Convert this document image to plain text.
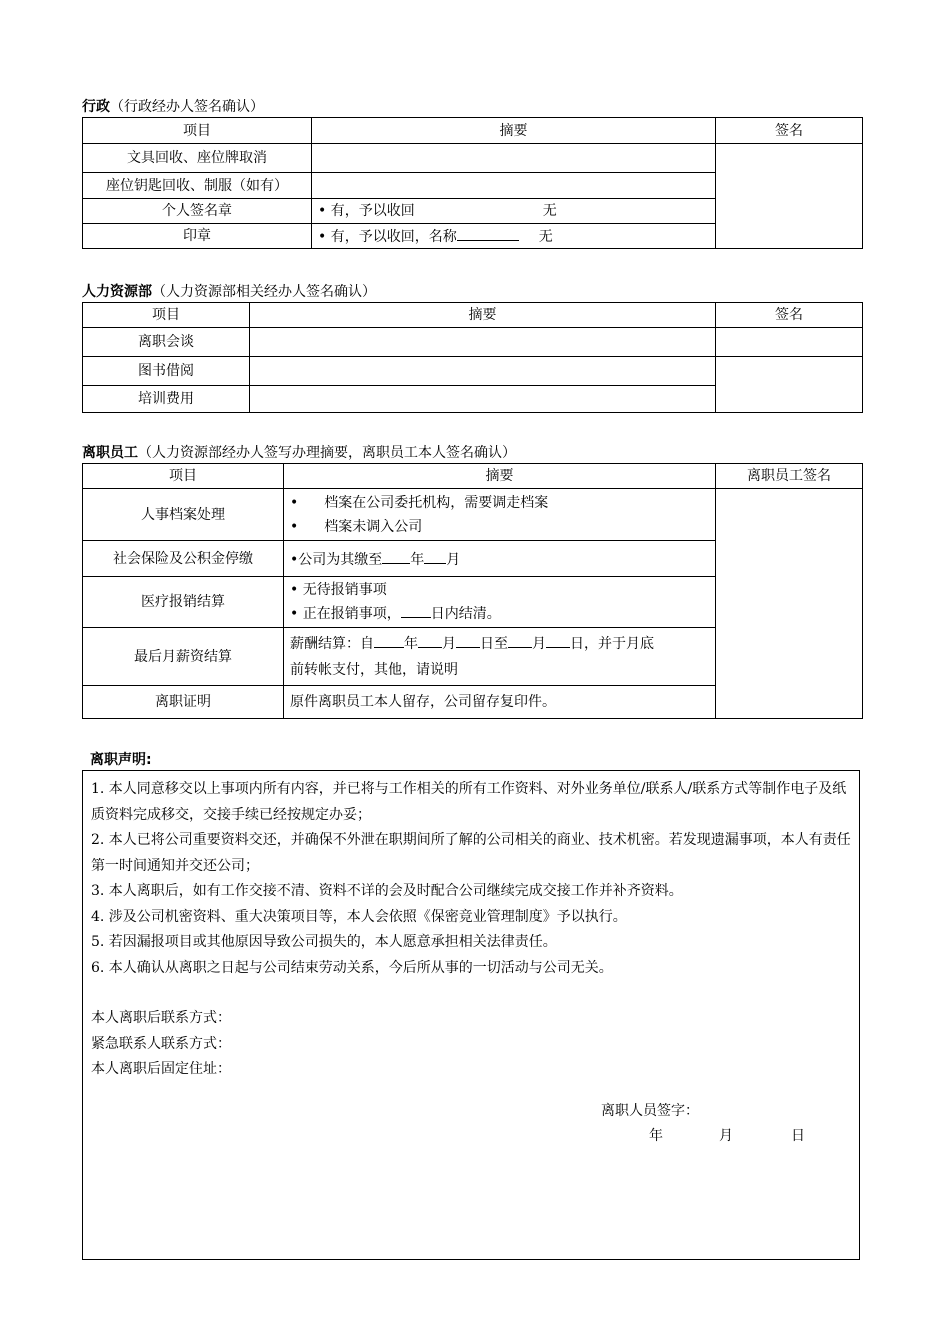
行政（行政经办人签名确认）
项目	摘要	签名
文具回收、座位牌取消		
座位钥匙回收、制服（如有）		
个人签名章	• 有，予以收回 无	
印章	• 有，予以收回，名称 无	
人力资源部（人力资源部相关经办人签名确认）
项目	摘要	签名
离职会谈		
图书借阅		
培训费用		
离职员工（人力资源部经办人签写办理摘要，离职员工本人签名确认）
项目	摘要	离职员工签名
人事档案处理	• 档案在公司委托机构，需要调走档案
• 档案未调入公司	

社会保险及公积金停缴	•公司为其缴至 年 月	
医疗报销结算	• 无待报销事项
• 正在报销事项， 日内结清。	

最后月薪资结算	薪酬结算：自 年 月 日至 月 日，并于月底
前转帐支付，其他，请说明	

离职证明	原件离职员工本人留存，公司留存复印件。	
离职声明:

1. 本人同意移交以上事项内所有内容，并已将与工作相关的所有工作资料、对外业务单位/联系人/联系方式等制作电子及纸质资料完成移交，交接手续已经按规定办妥；

2. 本人已将公司重要资料交还，并确保不外泄在职期间所了解的公司相关的商业、技术机密。若发现遗漏事项，本人有责任第一时间通知并交还公司；

3. 本人离职后，如有工作交接不清、资料不详的会及时配合公司继续完成交接工作并补齐资料。

4. 涉及公司机密资料、重大决策项目等，本人会依照《保密竞业管理制度》予以执行。

5. 若因漏报项目或其他原因导致公司损失的，本人愿意承担相关法律责任。

6. 本人确认从离职之日起与公司结束劳动关系，今后所从事的一切活动与公司无关。

本人离职后联系方式：

紧急联系人联系方式：

本人离职后固定住址：

离职人员签字：
年	月	日
